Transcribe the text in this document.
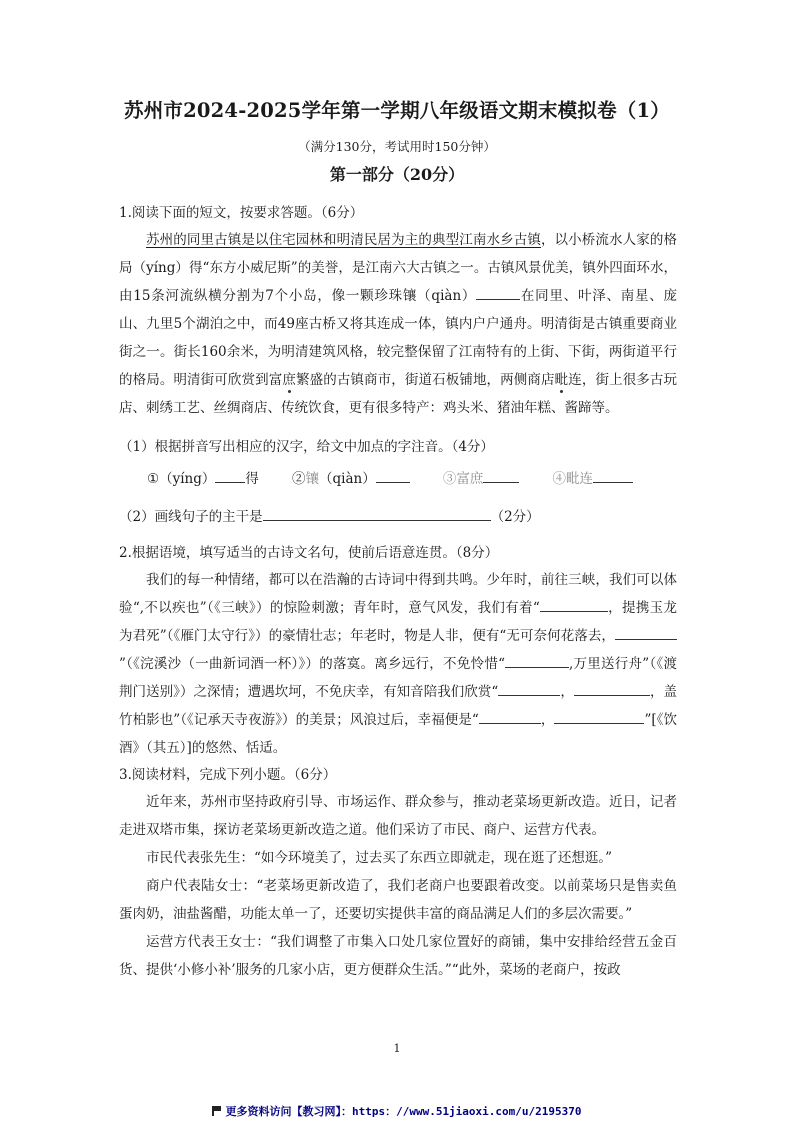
苏州市2024-2025学年第一学期八年级语文期末模拟卷（1）

（满分130分，考试用时150分钟）

第一部分（20分）

1.阅读下面的短文，按要求答题。（6分）

苏州的同里古镇是以住宅园林和明清民居为主的典型江南水乡古镇，以小桥流水人家的格局（yíng）得“东方小威尼斯”的美誉，是江南六大古镇之一。古镇风景优美，镇外四面环水，由15条河流纵横分割为7个小岛，像一颗珍珠镶（qiàn）	在同里、叶泽、南星、庞山、九里5个湖泊之中，而49座古桥又将其连成一体，镇内户户通舟。明清街是古镇重要商业街之一。街长160余米，为明清建筑风格，较完整保留了江南特有的上街、下街，两街道平行的格局。明清街可欣赏到富庶繁盛的古镇商市，街道石板铺地，两侧商店毗连，街上很多古玩店、刺绣工艺、丝绸商店、传统饮食，更有很多特产：鸡头米、猪油年糕、酱蹄等。

（1）根据拼音写出相应的汉字，给文中加点的字注音。（4分）

①（yíng） 得 ②镶（qiàn）	③富庶	④毗连

（2）画线句子的主干是	（2分）

2.根据语境，填写适当的古诗文名句，使前后语意连贯。（8分）

我们的每一种情绪，都可以在浩瀚的古诗词中得到共鸣。少年时，前往三峡，我们可以体验“,不以疾也”（《三峡》）的惊险刺激；青年时，意气风发，我们有着“	，提携玉龙为君死”（《雁门太守行》）的豪情壮志；年老时，物是人非，便有“无可奈何花落去，”（《浣溪沙（一曲新词酒一杯）》）的落寞。离乡远行，不免怜惜“	,万里送行舟”（《渡荆门送别》）之深情；遭遇坎坷，不免庆幸，有知音陪我们欣赏“	，	，盖竹柏影也”（《记承天寺夜游》）的美景；风浪过后，幸福便是“	，	”[《饮酒》（其五）]的悠然、恬适。

3.阅读材料，完成下列小题。（6分）

近年来，苏州市坚持政府引导、市场运作、群众参与，推动老菜场更新改造。近日，记者走进双塔市集，探访老菜场更新改造之道。他们采访了市民、商户、运营方代表。

市民代表张先生：“如今环境美了，过去买了东西立即就走，现在逛了还想逛。”

商户代表陆女士：“老菜场更新改造了，我们老商户也要跟着改变。以前菜场只是售卖鱼蛋肉奶，油盐酱醋，功能太单一了，还要切实提供丰富的商品满足人们的多层次需要。”

运营方代表王女士：“我们调整了市集入口处几家位置好的商铺，集中安排给经营五金百货、提供‘小修小补’服务的几家小店，更方便群众生活。”“此外，菜场的老商户，按政

1
更多资料访问【教习网】：https：//www.51jiaoxi.com/u/2195370
